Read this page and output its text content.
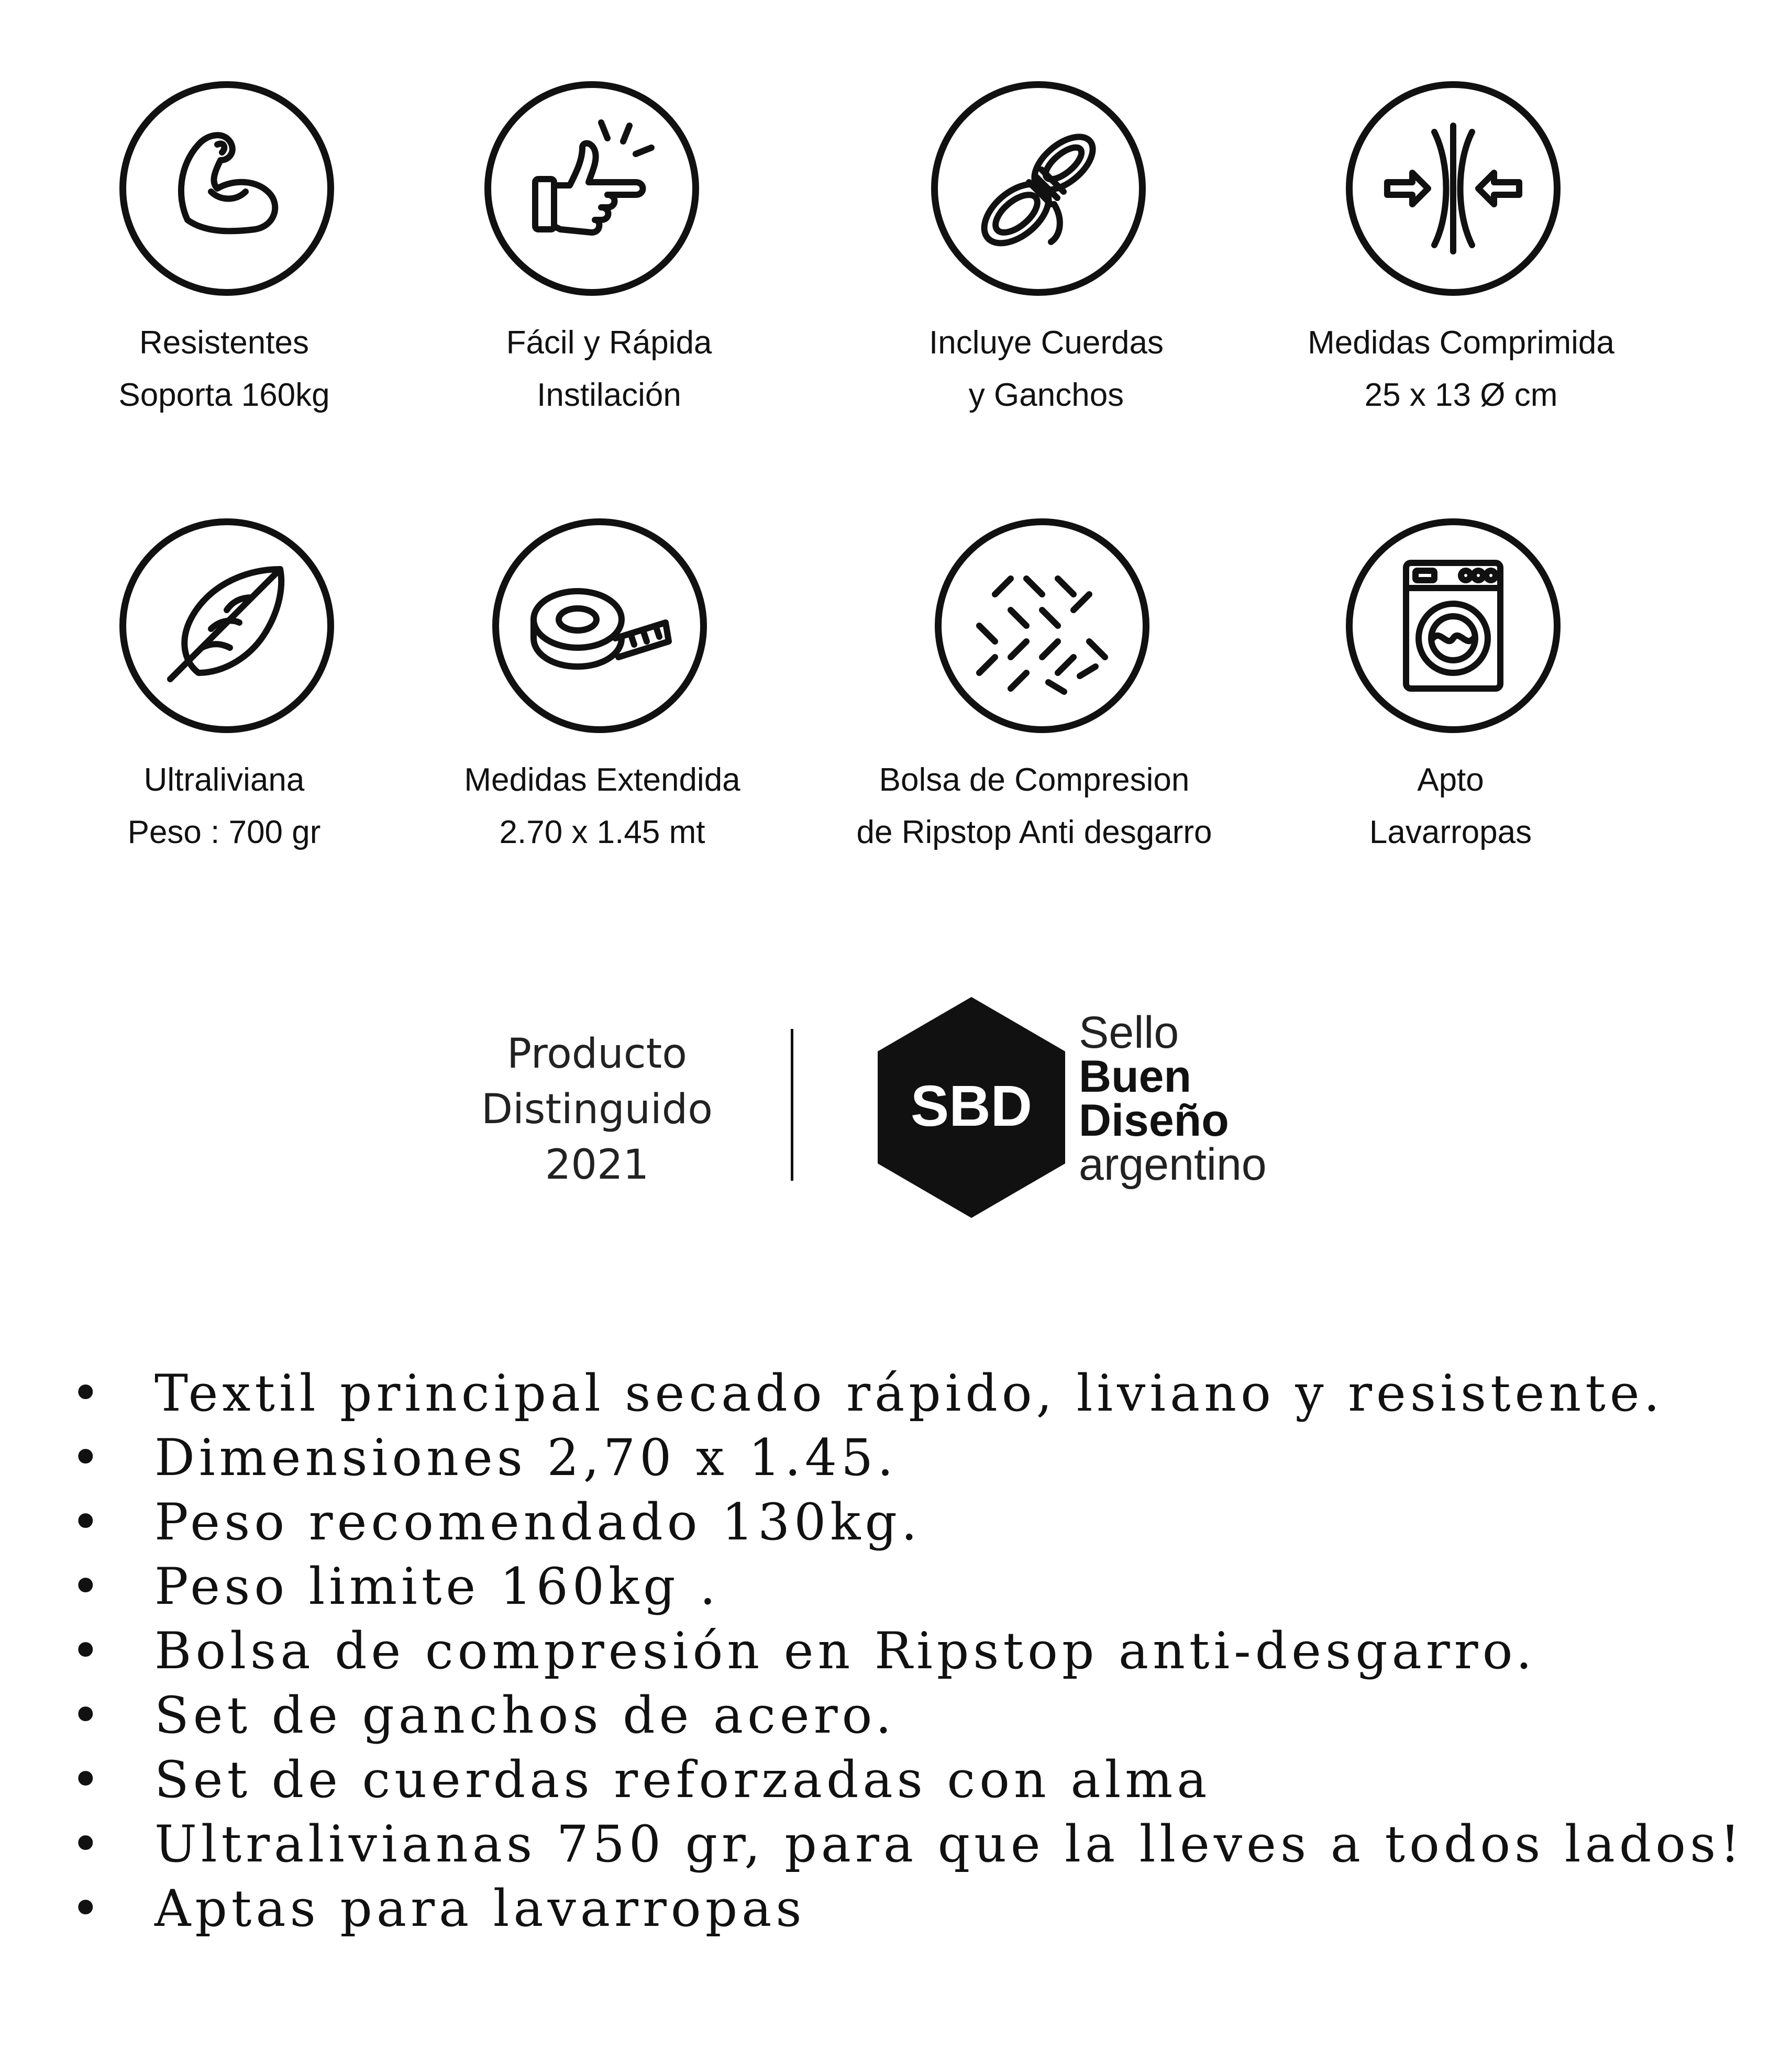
Resistentes
Soporta 160kg
Fácil y Rápida
Instilación
Incluye Cuerdas
y Ganchos
Medidas Comprimida
25 x 13 Ø cm
Ultraliviana
Peso : 700 gr
Medidas Extendida
2.70 x 1.45 mt
Bolsa de Compresion
de Ripstop Anti desgarro
Apto
Lavarropas
Producto
Distinguido
2021
SBD
Sello
Buen
Diseño
argentino
• Textil principal secado rápido, liviano y resistente.
• Dimensiones 2,70 x 1.45.
• Peso recomendado 130kg.
• Peso limite 160kg .
• Bolsa de compresión en Ripstop anti-desgarro.
• Set de ganchos de acero.
• Set de cuerdas reforzadas con alma
• Ultralivianas 750 gr, para que la lleves a todos lados!
• Aptas para lavarropas
